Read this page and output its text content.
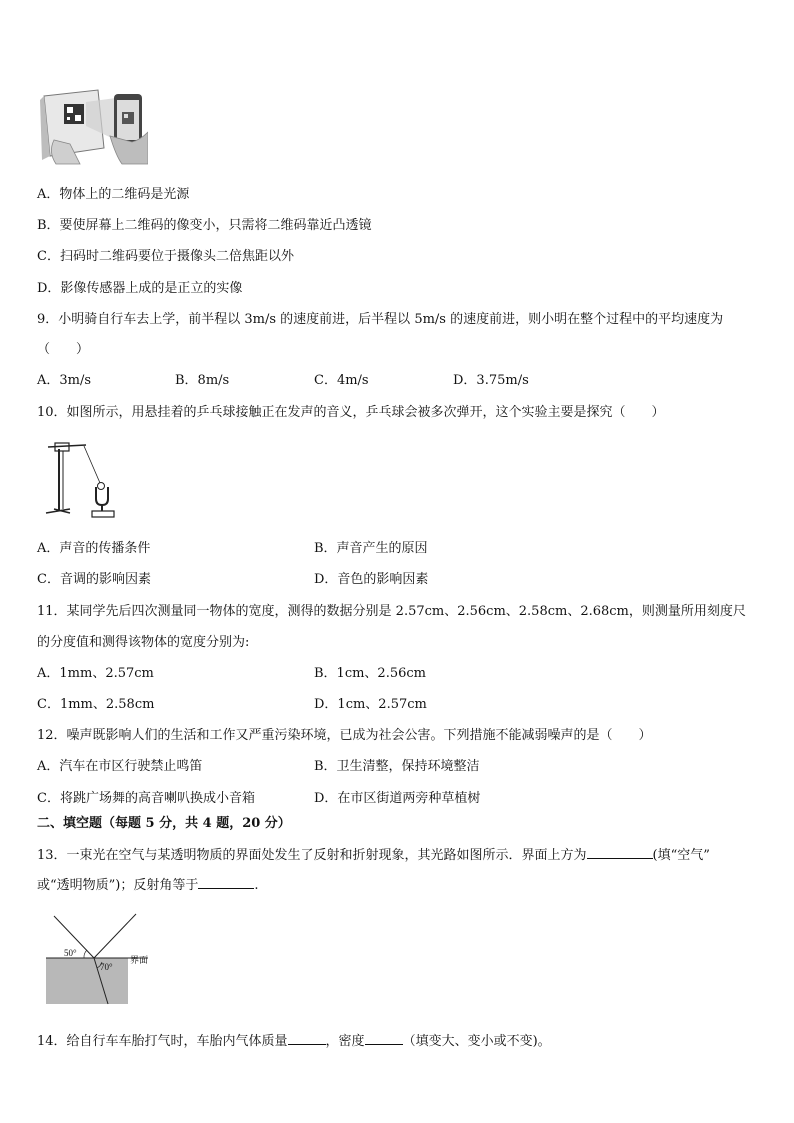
A．物体上的二维码是光源
B．要使屏幕上二维码的像变小，只需将二维码靠近凸透镜
C．扫码时二维码要位于摄像头二倍焦距以外
D．影像传感器上成的是正立的实像
9．小明骑自行车去上学，前半程以 3m/s 的速度前进，后半程以 5m/s 的速度前进，则小明在整个过程中的平均速度为
（　　）
A．3m/s	B．8m/s	C．4m/s	D．3.75m/s
10．如图所示，用悬挂着的乒乓球接触正在发声的音义，乒乓球会被多次弹开，这个实验主要是探究（　　）
A．声音的传播条件	B．声音产生的原因
C．音调的影响因素	D．音色的影响因素
11．某同学先后四次测量同一物体的宽度，测得的数据分别是 2.57cm、2.56cm、2.58cm、2.68cm，则测量所用刻度尺
的分度值和测得该物体的宽度分别为:
A．1mm、2.57cm	B．1cm、2.56cm
C．1mm、2.58cm	D．1cm、2.57cm
12．噪声既影响人们的生活和工作又严重污染环境，已成为社会公害。下列措施不能减弱噪声的是（　　）
A．汽车在市区行驶禁止鸣笛	B．卫生清整，保持环境整洁
C．将跳广场舞的高音喇叭换成小音箱	D．在市区街道两旁种草植树
二、填空题（每题 5 分，共 4 题，20 分）
13．一束光在空气与某透明物质的界面处发生了反射和折射现象，其光路如图所示．界面上方为	(填“空气”
或“透明物质”)；反射角等于	.
50°
70°
界面
14．给自行车车胎打气时，车胎内气体质量	，密度	（填变大、变小或不变)。
